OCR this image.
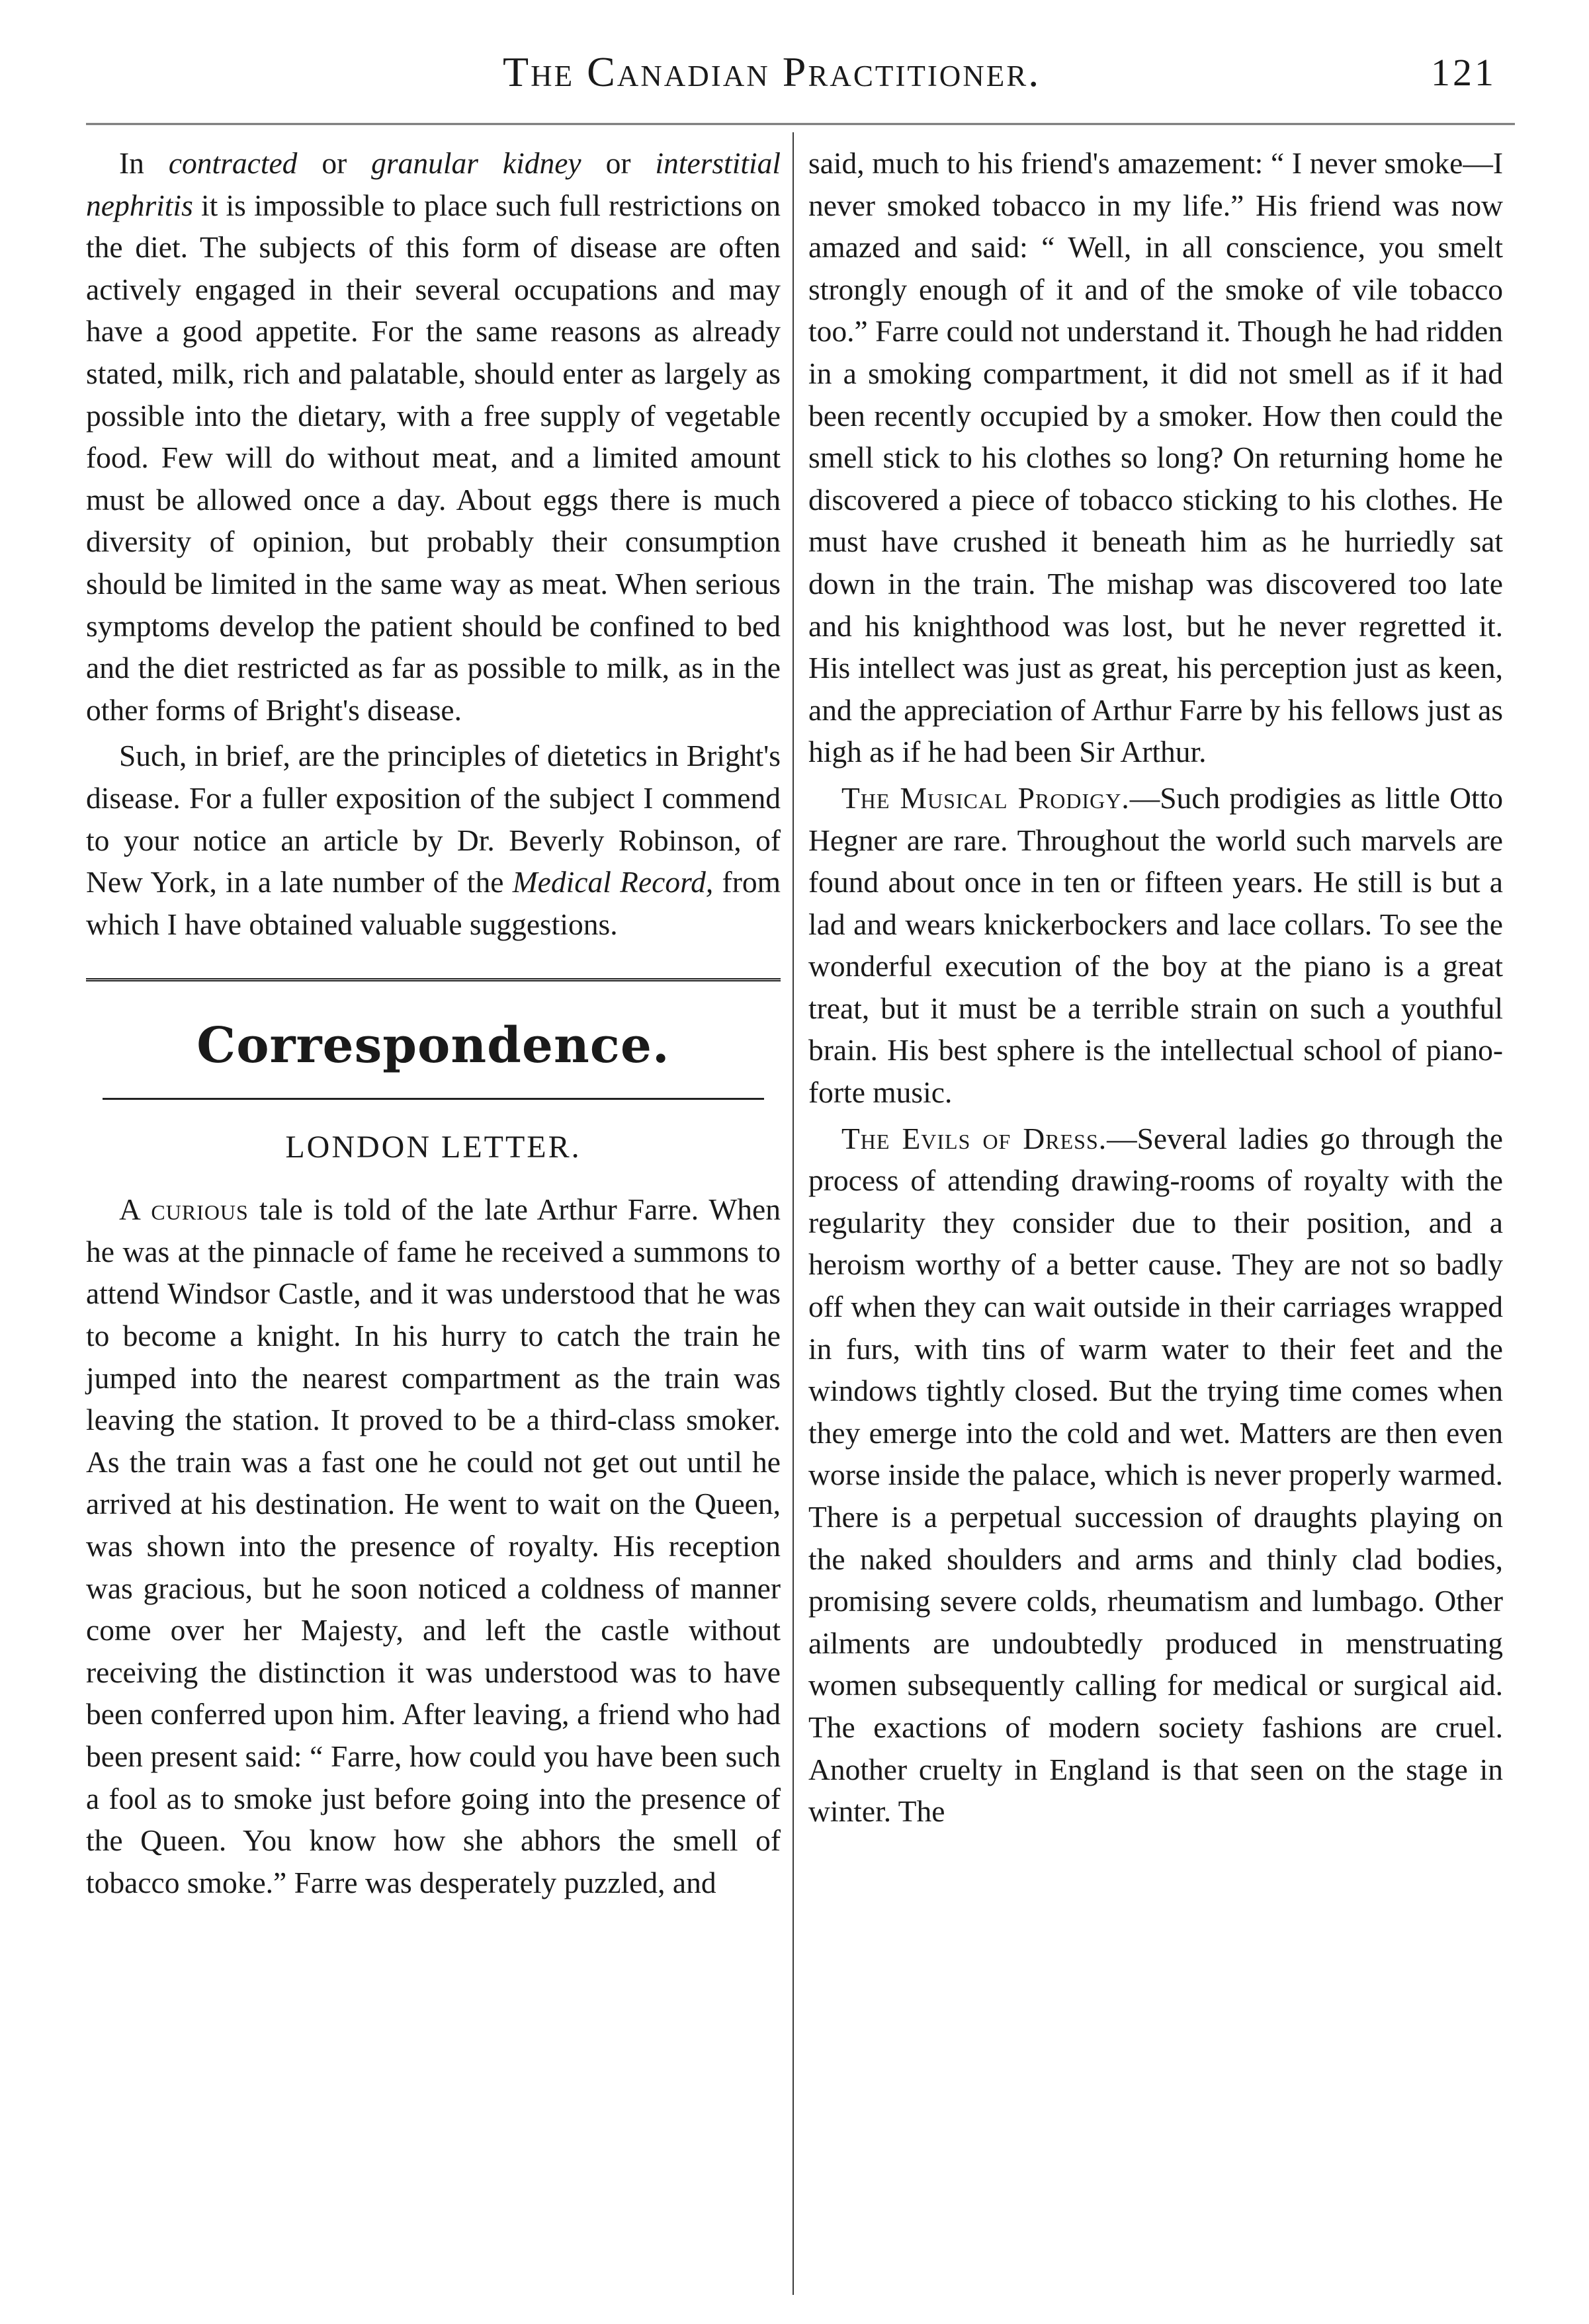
The Canadian Practitioner.	121

In contracted or granular kidney or interstitial nephritis it is impossible to place such full restrictions on the diet. The subjects of this form of disease are often actively engaged in their several occupations and may have a good appetite. For the same reasons as already stated, milk, rich and palatable, should enter as largely as possible into the dietary, with a free supply of vegetable food. Few will do without meat, and a limited amount must be allowed once a day. About eggs there is much diversity of opinion, but probably their consumption should be limited in the same way as meat. When serious symptoms develop the patient should be confined to bed and the diet restricted as far as possible to milk, as in the other forms of Bright's disease.

Such, in brief, are the principles of dietetics in Bright's disease. For a fuller exposition of the subject I commend to your notice an article by Dr. Beverly Robinson, of New York, in a late number of the Medical Record, from which I have obtained valuable suggestions.

Correspondence.
LONDON LETTER.

A curious tale is told of the late Arthur Farre. When he was at the pinnacle of fame he received a summons to attend Windsor Castle, and it was understood that he was to become a knight. In his hurry to catch the train he jumped into the nearest compartment as the train was leaving the station. It proved to be a third-class smoker. As the train was a fast one he could not get out until he arrived at his destination. He went to wait on the Queen, was shown into the presence of royalty. His reception was gracious, but he soon noticed a coldness of manner come over her Majesty, and left the castle without receiving the distinction it was understood was to have been conferred upon him. After leaving, a friend who had been present said: “ Farre, how could you have been such a fool as to smoke just before going into the presence of the Queen. You know how she abhors the smell of tobacco smoke.” Farre was desperately puzzled, and

said, much to his friend's amazement: “ I never smoke—I never smoked tobacco in my life.” His friend was now amazed and said: “ Well, in all conscience, you smelt strongly enough of it and of the smoke of vile tobacco too.” Farre could not understand it. Though he had ridden in a smoking compartment, it did not smell as if it had been recently occupied by a smoker. How then could the smell stick to his clothes so long? On returning home he discovered a piece of tobacco sticking to his clothes. He must have crushed it beneath him as he hurriedly sat down in the train. The mishap was discovered too late and his knighthood was lost, but he never regretted it. His intellect was just as great, his perception just as keen, and the appreciation of Arthur Farre by his fellows just as high as if he had been Sir Arthur.

The Musical Prodigy.—Such prodigies as little Otto Hegner are rare. Throughout the world such marvels are found about once in ten or fifteen years. He still is but a lad and wears knickerbockers and lace collars. To see the wonderful execution of the boy at the piano is a great treat, but it must be a terrible strain on such a youthful brain. His best sphere is the intellectual school of piano-forte music.

The Evils of Dress.—Several ladies go through the process of attending drawing-rooms of royalty with the regularity they consider due to their position, and a heroism worthy of a better cause. They are not so badly off when they can wait outside in their carriages wrapped in furs, with tins of warm water to their feet and the windows tightly closed. But the trying time comes when they emerge into the cold and wet. Matters are then even worse inside the palace, which is never properly warmed. There is a perpetual succession of draughts playing on the naked shoulders and arms and thinly clad bodies, promising severe colds, rheumatism and lumbago. Other ailments are undoubtedly produced in menstruating women subsequently calling for medical or surgical aid. The exactions of modern society fashions are cruel. Another cruelty in England is that seen on the stage in winter. The
